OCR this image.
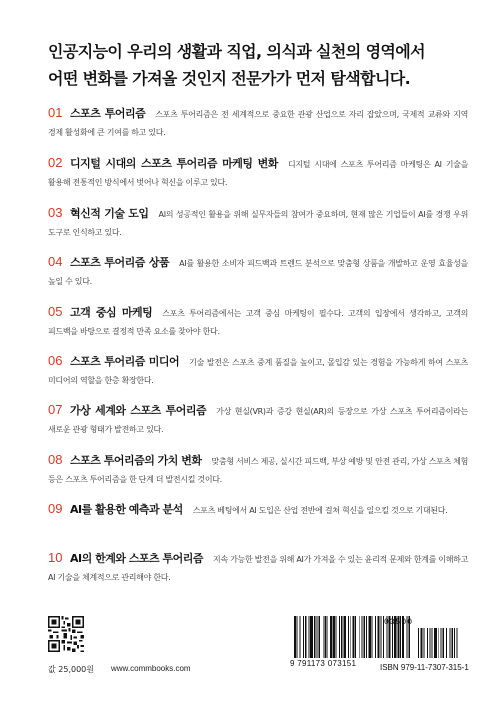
인공지능이 우리의 생활과 직업, 의식과 실천의 영역에서
어떤 변화를 가져올 것인지 전문가가 먼저 탐색합니다.

01 스포츠 투어리즘 스포츠 투어리즘은 전 세계적으로 중요한 관광 산업으로 자리 잡았으며, 국제적 교류와 지역 경제 활성화에 큰 기여를 하고 있다.

02 디지털 시대의 스포츠 투어리즘 마케팅 변화 디지털 시대에 스포츠 투어리즘 마케팅은 AI 기술을 활용해 전통적인 방식에서 벗어나 혁신을 이루고 있다.

03 혁신적 기술 도입 AI의 성공적인 활용을 위해 실무자들의 참여가 중요하며, 현재 많은 기업들이 AI를 경쟁 우위 도구로 인식하고 있다.

04 스포츠 투어리즘 상품 AI를 활용한 소비자 피드백과 트렌드 분석으로 맞춤형 상품을 개발하고 운영 효율성을 높일 수 있다.

05 고객 중심 마케팅 스포츠 투어리즘에서는 고객 중심 마케팅이 필수다. 고객의 입장에서 생각하고, 고객의 피드백을 바탕으로 결정적 만족 요소를 찾아야 한다.

06 스포츠 투어리즘 미디어 기술 발전은 스포츠 중계 품질을 높이고, 몰입감 있는 경험을 가능하게 하여 스포츠 미디어의 역할을 한층 확장한다.

07 가상 세계와 스포츠 투어리즘 가상 현실(VR)과 증강 현실(AR)의 등장으로 가상 스포츠 투어리즘이라는 새로운 관광 형태가 발전하고 있다.

08 스포츠 투어리즘의 가치 변화 맞춤형 서비스 제공, 실시간 피드백, 부상 예방 및 안전 관리, 가상 스포츠 체험 등은 스포츠 투어리즘을 한 단계 더 발전시킬 것이다.

09 AI를 활용한 예측과 분석 스포츠 베팅에서 AI 도입은 산업 전반에 걸쳐 혁신을 일으킬 것으로 기대된다.

10 AI의 한계와 스포츠 투어리즘 지속 가능한 발전을 위해 AI가 가져올 수 있는 윤리적 문제와 한계를 이해하고 AI 기술을 체계적으로 관리해야 한다.

값 25,000원 www.commbooks.com
03500
9 791173 073151	ISBN 979-11-7307-315-1
